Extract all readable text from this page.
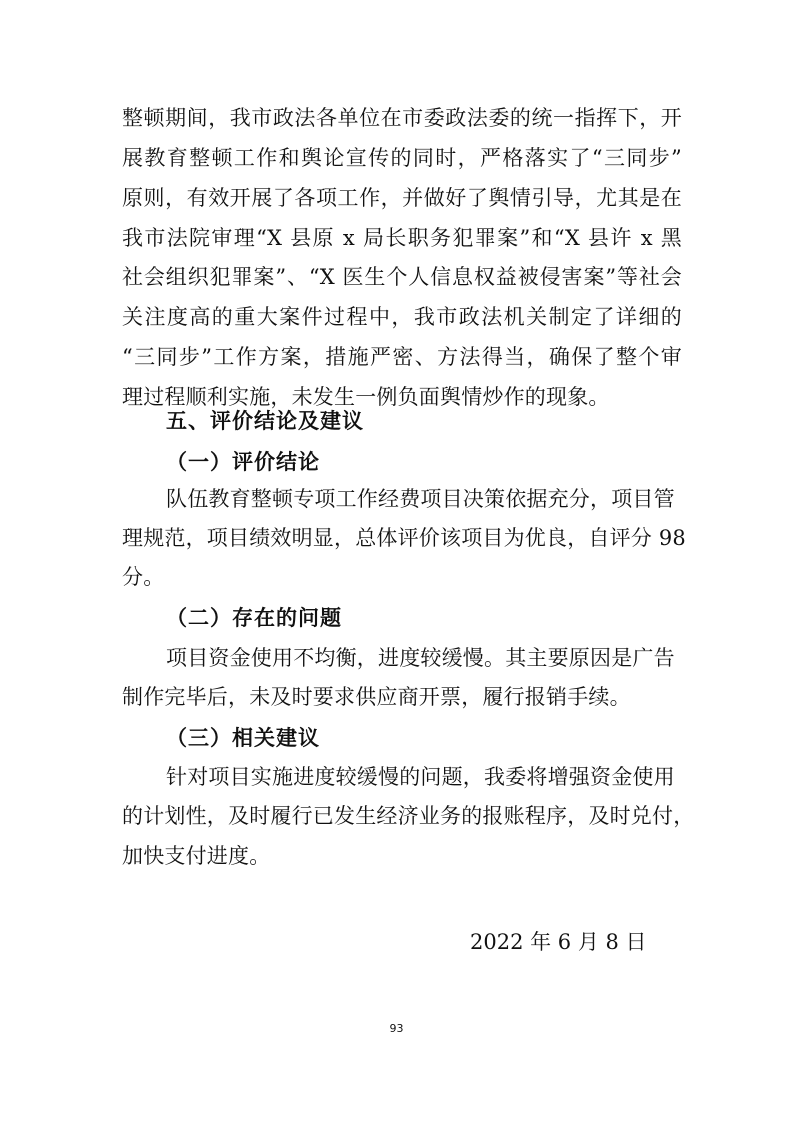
整顿期间，我市政法各单位在市委政法委的统一指挥下，开
展教育整顿工作和舆论宣传的同时，严格落实了“三同步”
原则，有效开展了各项工作，并做好了舆情引导，尤其是在
我市法院审理“X 县原 x 局长职务犯罪案”和“X 县许 x 黑
社会组织犯罪案”、“X 医生个人信息权益被侵害案”等社会
关注度高的重大案件过程中，我市政法机关制定了详细的
“三同步”工作方案，措施严密、方法得当，确保了整个审
理过程顺利实施，未发生一例负面舆情炒作的现象。
五、评价结论及建议
（一）评价结论
队伍教育整顿专项工作经费项目决策依据充分，项目管
理规范，项目绩效明显，总体评价该项目为优良，自评分 98
分。
（二）存在的问题
项目资金使用不均衡，进度较缓慢。其主要原因是广告
制作完毕后，未及时要求供应商开票，履行报销手续。
（三）相关建议
针对项目实施进度较缓慢的问题，我委将增强资金使用
的计划性，及时履行已发生经济业务的报账程序，及时兑付，
加快支付进度。
2022 年 6 月 8 日
93
